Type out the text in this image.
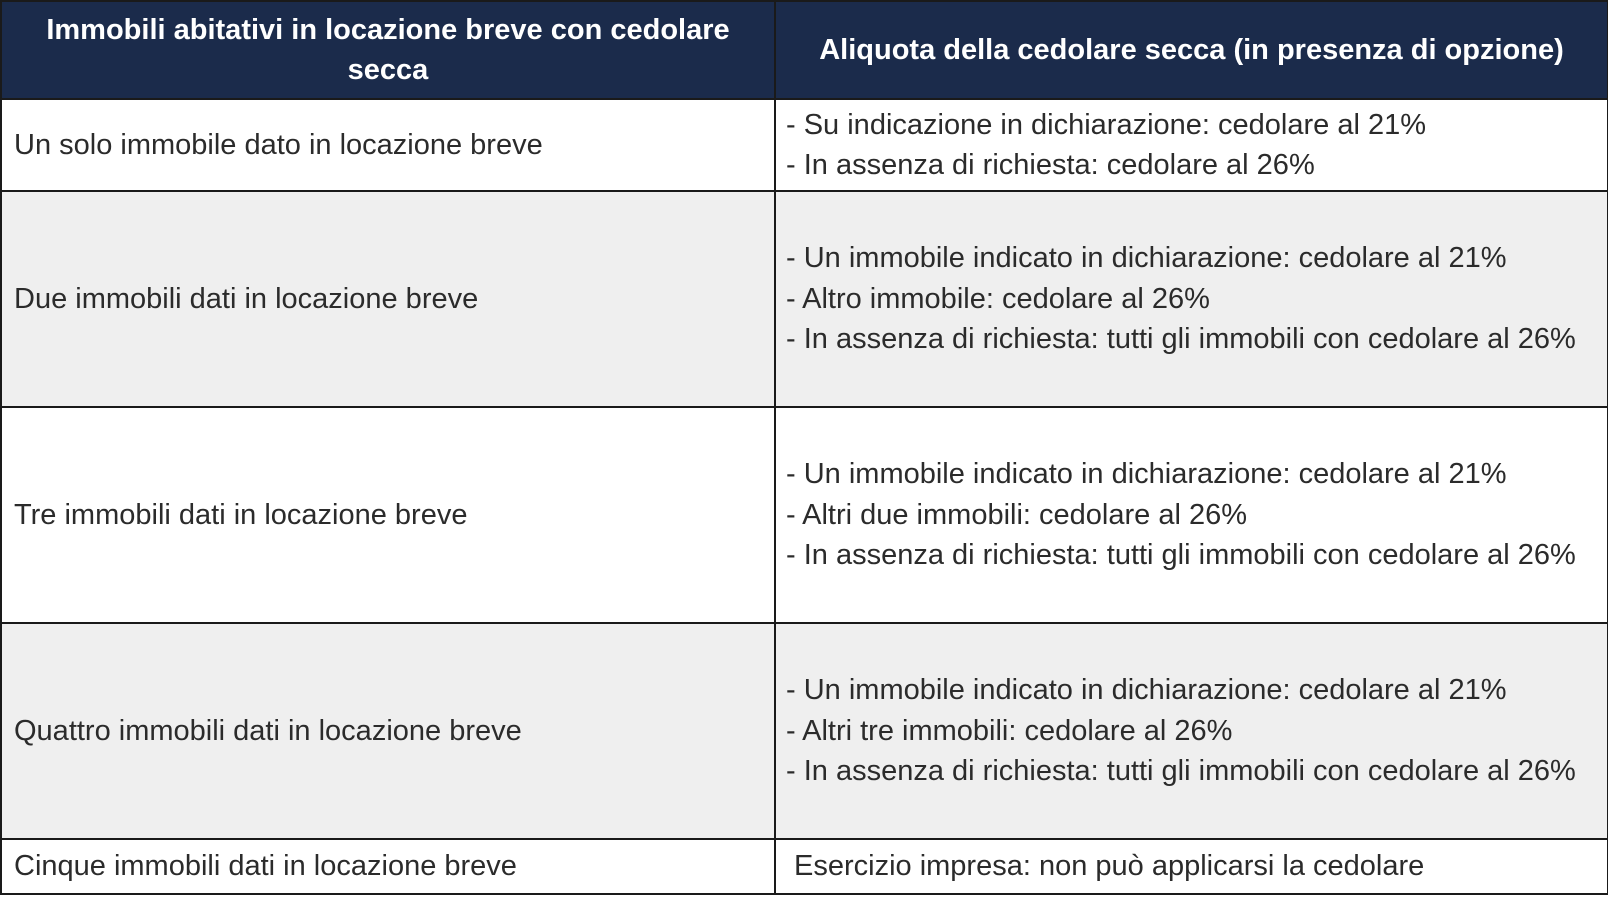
Immobili abitativi in locazione breve con cedolare secca	Aliquota della cedolare secca (in presenza di opzione)
Un solo immobile dato in locazione breve	- Su indicazione in dichiarazione: cedolare al 21%
- In assenza di richiesta: cedolare al 26%

Due immobili dati in locazione breve	- Un immobile indicato in dichiarazione: cedolare al 21%
- Altro immobile: cedolare al 26%
- In assenza di richiesta: tutti gli immobili con cedolare al 26%

Tre immobili dati in locazione breve	- Un immobile indicato in dichiarazione: cedolare al 21%
- Altri due immobili: cedolare al 26%
- In assenza di richiesta: tutti gli immobili con cedolare al 26%

Quattro immobili dati in locazione breve	- Un immobile indicato in dichiarazione: cedolare al 21%
- Altri tre immobili: cedolare al 26%
- In assenza di richiesta: tutti gli immobili con cedolare al 26%

Cinque immobili dati in locazione breve	Esercizio impresa: non può applicarsi la cedolare
